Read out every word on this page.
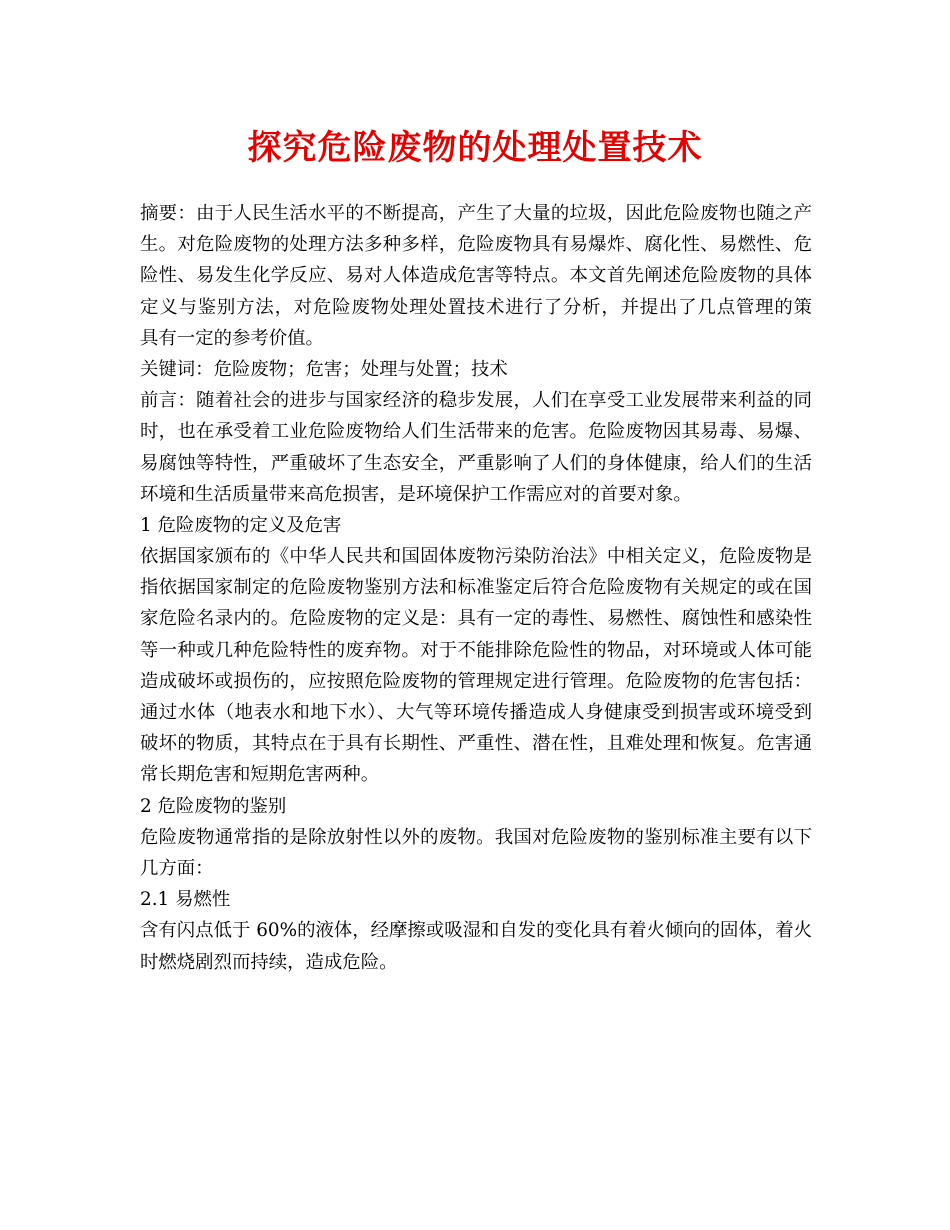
探究危险废物的处理处置技术
摘要：由于人民生活水平的不断提高，产生了大量的垃圾，因此危险废物也随之产
生。对危险废物的处理方法多种多样，危险废物具有易爆炸、腐化性、易燃性、危
险性、易发生化学反应、易对人体造成危害等特点。本文首先阐述危险废物的具体
定义与鉴别方法，对危险废物处理处置技术进行了分析，并提出了几点管理的策
具有一定的参考价值。
关键词：危险废物；危害；处理与处置；技术
前言：随着社会的进步与国家经济的稳步发展，人们在享受工业发展带来利益的同
时，也在承受着工业危险废物给人们生活带来的危害。危险废物因其易毒、易爆、
易腐蚀等特性，严重破坏了生态安全，严重影响了人们的身体健康，给人们的生活
环境和生活质量带来高危损害，是环境保护工作需应对的首要对象。
1 危险废物的定义及危害
依据国家颁布的《中华人民共和国固体废物污染防治法》中相关定义，危险废物是
指依据国家制定的危险废物鉴别方法和标准鉴定后符合危险废物有关规定的或在国
家危险名录内的。危险废物的定义是：具有一定的毒性、易燃性、腐蚀性和感染性
等一种或几种危险特性的废弃物。对于不能排除危险性的物品，对环境或人体可能
造成破坏或损伤的，应按照危险废物的管理规定进行管理。危险废物的危害包括：
通过水体（地表水和地下水）、大气等环境传播造成人身健康受到损害或环境受到
破坏的物质，其特点在于具有长期性、严重性、潜在性，且难处理和恢复。危害通
常长期危害和短期危害两种。
2 危险废物的鉴别
危险废物通常指的是除放射性以外的废物。我国对危险废物的鉴别标准主要有以下
几方面：
2.1 易燃性
含有闪点低于 60%的液体，经摩擦或吸湿和自发的变化具有着火倾向的固体，着火
时燃烧剧烈而持续，造成危险。
